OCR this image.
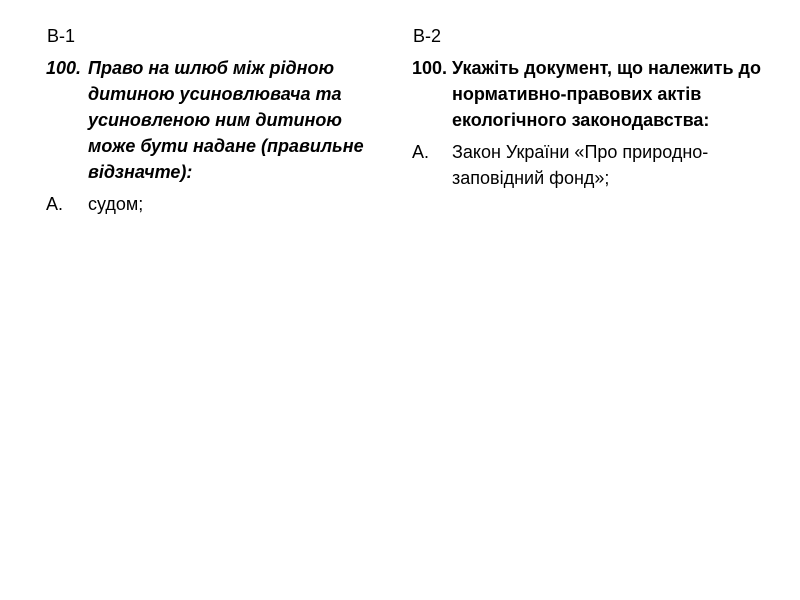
В-1
100. Право на шлюб між рідною дитиною усиновлювача та усиновленою ним дитиною може бути надане (правильне відзначте):
А.	судом;
В-2
100. Укажіть документ, що належить до нормативно-правових актів екологічного законодавства:
А.	Закон України «Про природно-заповідний фонд»;
